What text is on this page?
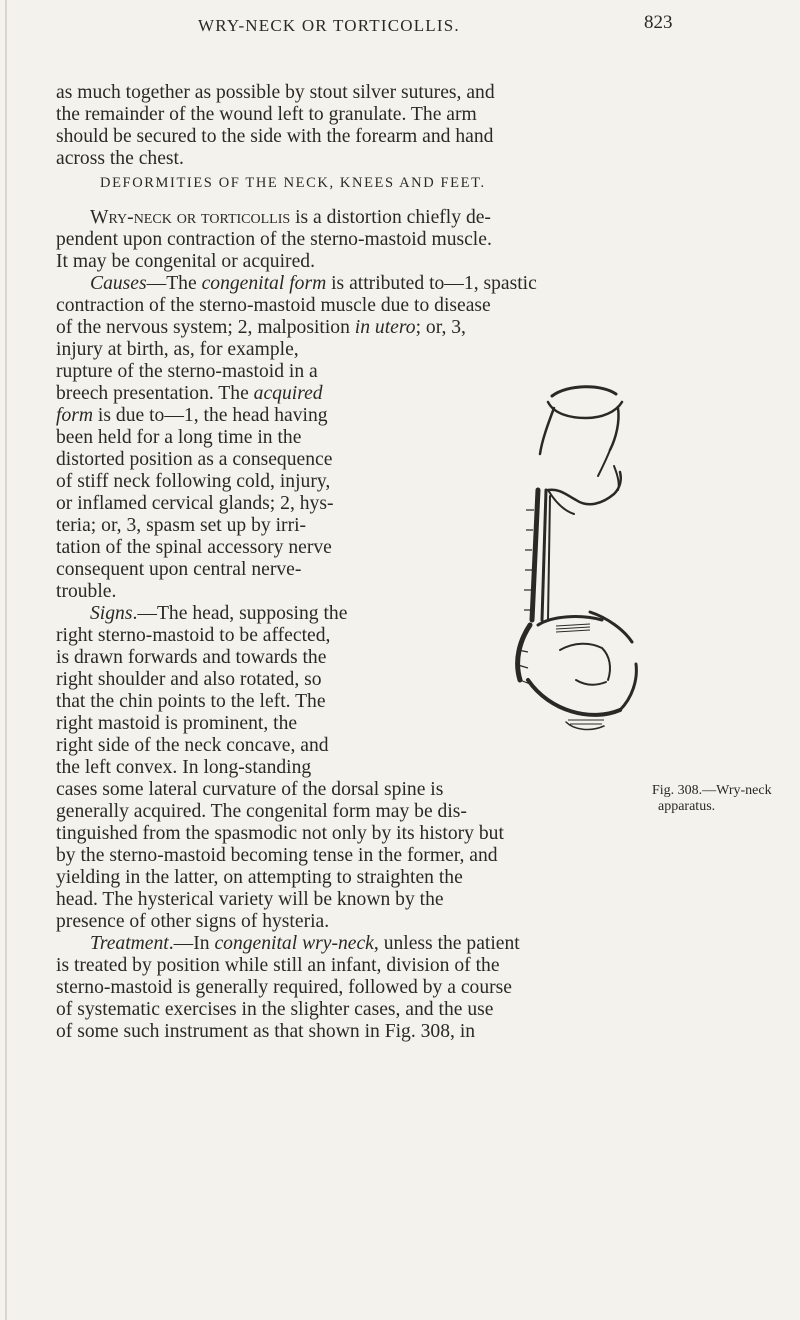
WRY-NECK OR TORTICOLLIS.	823
as much together as possible by stout silver sutures, and
the remainder of the wound left to granulate. The arm
should be secured to the side with the forearm and hand
across the chest.
DEFORMITIES OF THE NECK, KNEES AND FEET.
Wry-neck or torticollis is a distortion chiefly de-
pendent upon contraction of the sterno-mastoid muscle.
It may be congenital or acquired.
Causes—The congenital form is attributed to—1, spastic
contraction of the sterno-mastoid muscle due to disease
of the nervous system; 2, malposition in utero; or, 3,
injury at birth, as, for example,
rupture of the sterno-mastoid in a
breech presentation. The acquired
form is due to—1, the head having
been held for a long time in the
distorted position as a consequence
of stiff neck following cold, injury,
or inflamed cervical glands; 2, hys-
teria; or, 3, spasm set up by irri-
tation of the spinal accessory nerve
consequent upon central nerve-
trouble.
Signs.—The head, supposing the
right sterno-mastoid to be affected,
is drawn forwards and towards the
right shoulder and also rotated, so
that the chin points to the left. The
right mastoid is prominent, the
right side of the neck concave, and
the left convex. In long-standing
cases some lateral curvature of the dorsal spine is
generally acquired. The congenital form may be dis-
tinguished from the spasmodic not only by its history but
by the sterno-mastoid becoming tense in the former, and
yielding in the latter, on attempting to straighten the
head. The hysterical variety will be known by the
presence of other signs of hysteria.
Treatment.—In congenital wry-neck, unless the patient
is treated by position while still an infant, division of the
sterno-mastoid is generally required, followed by a course
of systematic exercises in the slighter cases, and the use
of some such instrument as that shown in Fig. 308, in
Fig. 308.—Wry-neck
apparatus.
